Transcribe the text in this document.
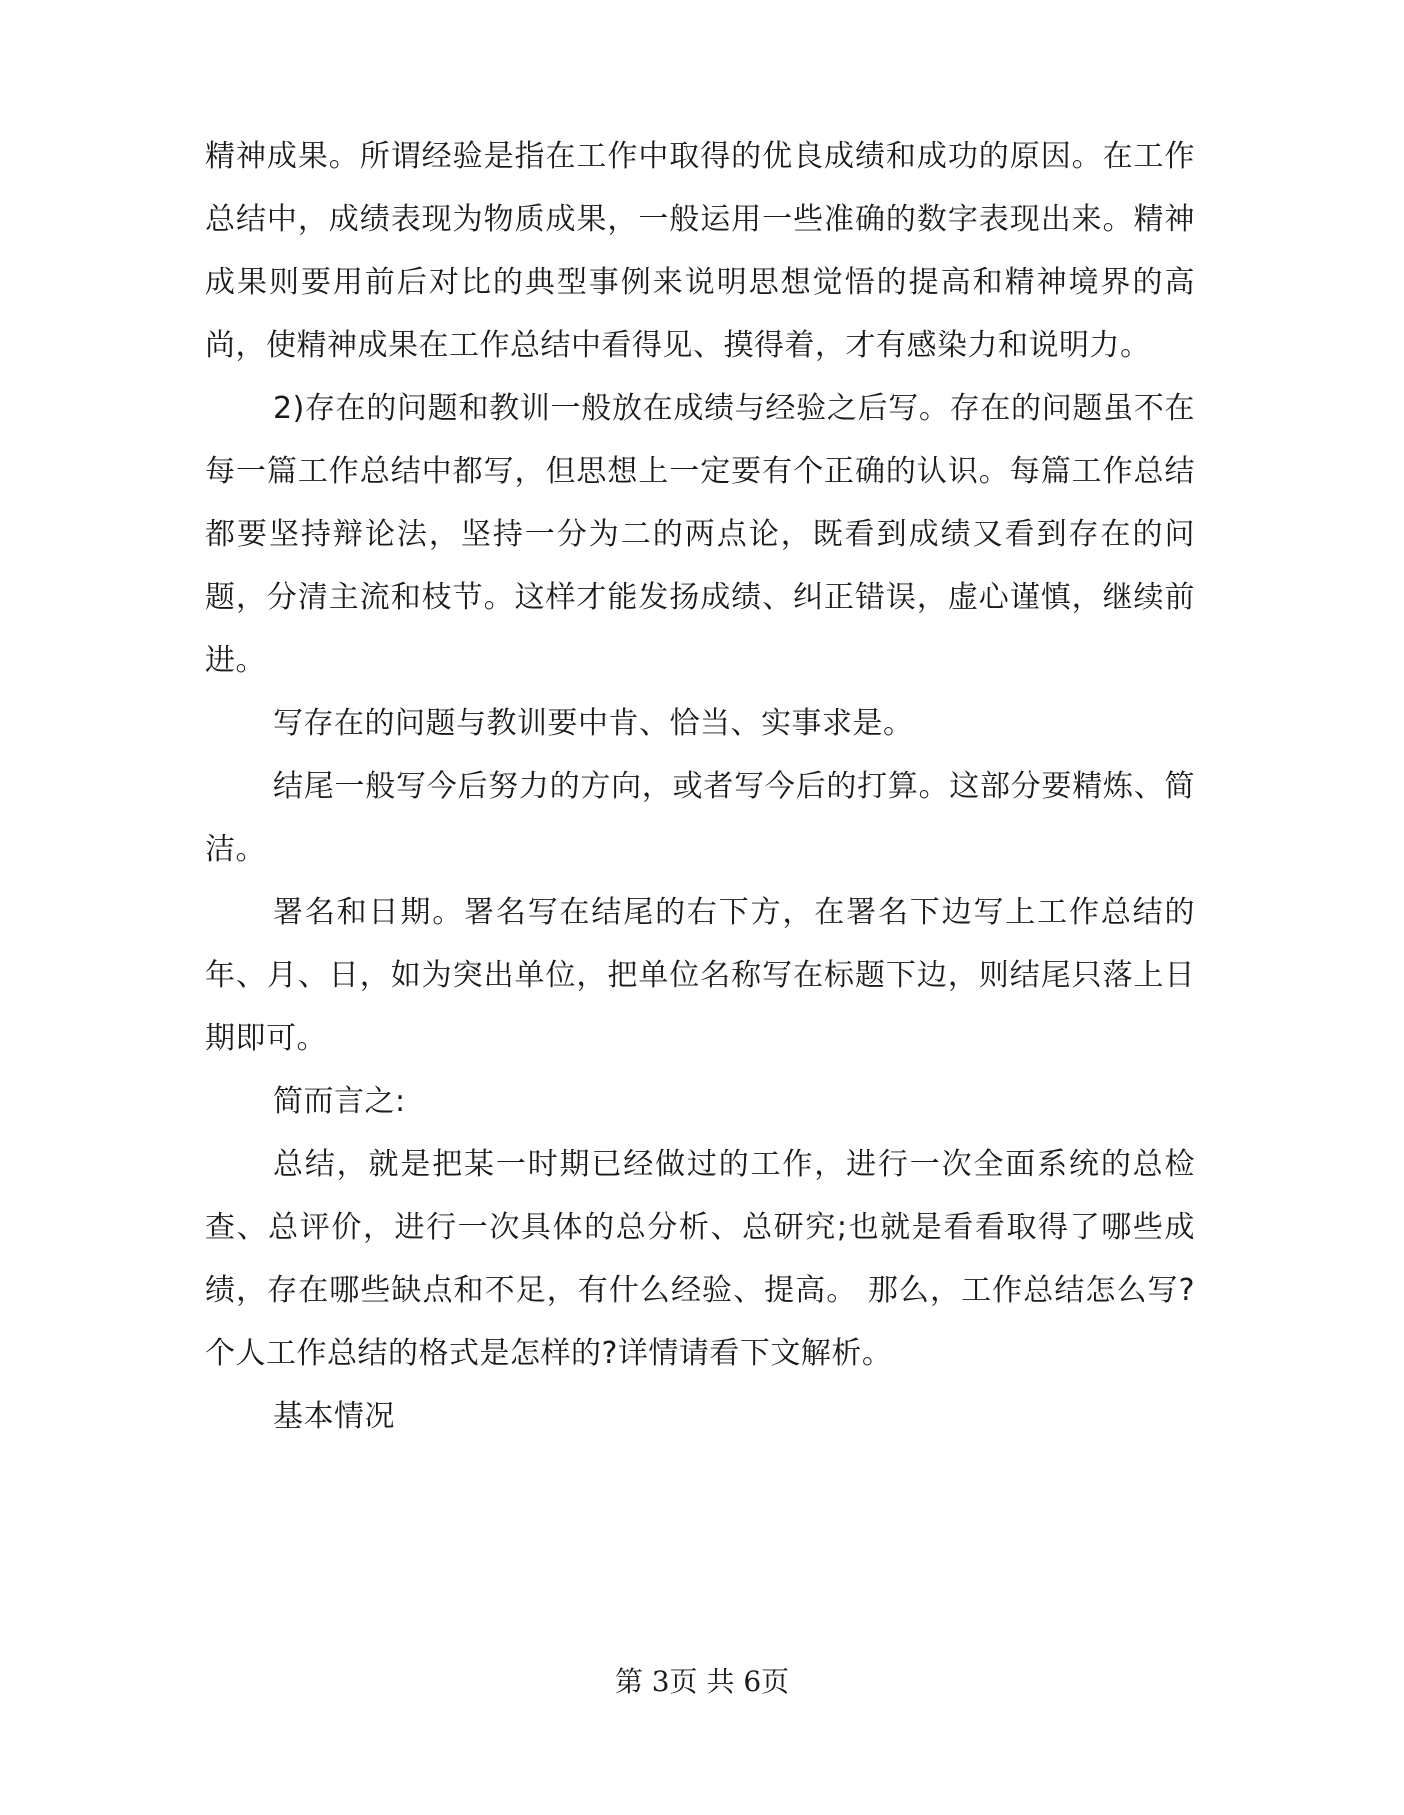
精神成果。所谓经验是指在工作中取得的优良成绩和成功的原因。在工作总结中，成绩表现为物质成果，一般运用一些准确的数字表现出来。精神成果则要用前后对比的典型事例来说明思想觉悟的提高和精神境界的高尚，使精神成果在工作总结中看得见、摸得着，才有感染力和说明力。

2)存在的问题和教训一般放在成绩与经验之后写。存在的问题虽不在每一篇工作总结中都写，但思想上一定要有个正确的认识。每篇工作总结都要坚持辩论法，坚持一分为二的两点论，既看到成绩又看到存在的问题，分清主流和枝节。这样才能发扬成绩、纠正错误，虚心谨慎，继续前进。

写存在的问题与教训要中肯、恰当、实事求是。

结尾一般写今后努力的方向，或者写今后的打算。这部分要精炼、简洁。

署名和日期。署名写在结尾的右下方，在署名下边写上工作总结的年、月、日，如为突出单位，把单位名称写在标题下边，则结尾只落上日期即可。

简而言之:

总结，就是把某一时期已经做过的工作，进行一次全面系统的总检查、总评价，进行一次具体的总分析、总研究;也就是看看取得了哪些成绩，存在哪些缺点和不足，有什么经验、提高。 那么，工作总结怎么写?个人工作总结的格式是怎样的?详情请看下文解析。

基本情况

第 3页 共 6页
